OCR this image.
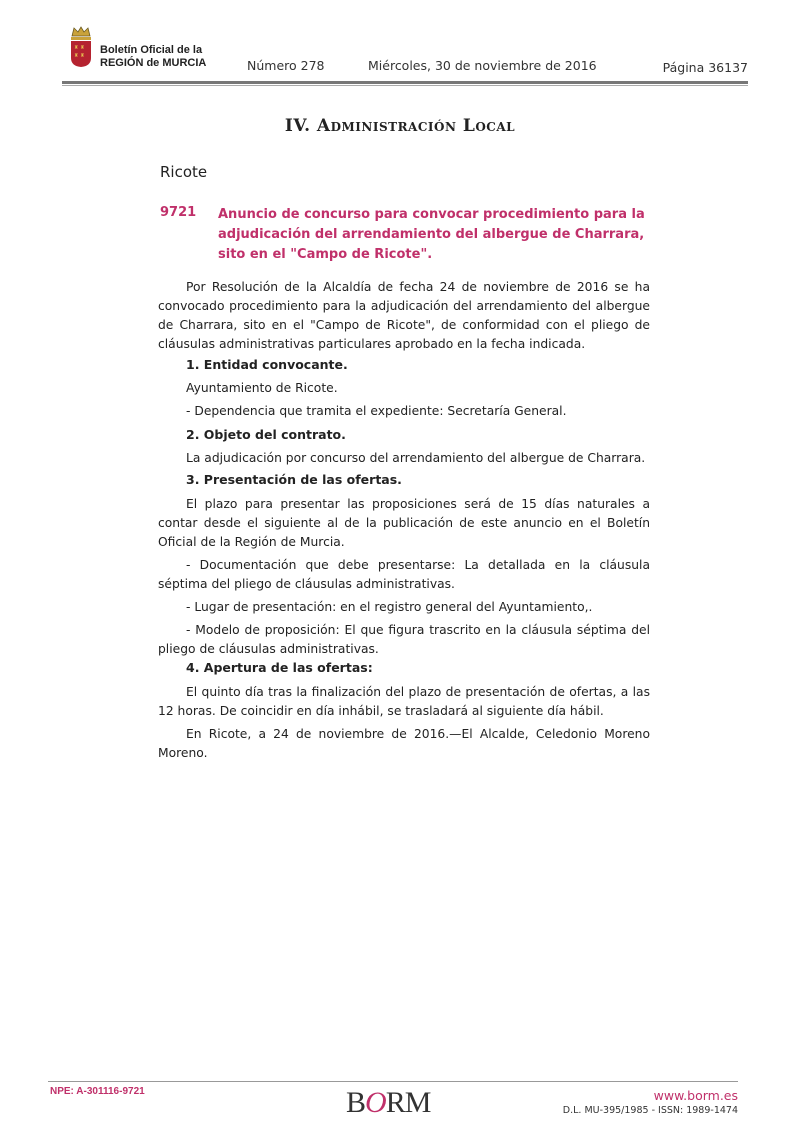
♜ ♜
♜ ♜ Boletín Oficial de la
REGIÓN de MURCIA	Número 278	Miércoles, 30 de noviembre de 2016	Página 36137
IV. Administración Local
Ricote
9721 Anuncio de concurso para convocar procedimiento para la adjudicación del arrendamiento del albergue de Charrara, sito en el "Campo de Ricote".
Por Resolución de la Alcaldía de fecha 24 de noviembre de 2016 se ha convocado procedimiento para la adjudicación del arrendamiento del albergue de Charrara, sito en el "Campo de Ricote", de conformidad con el pliego de cláusulas administrativas particulares aprobado en la fecha indicada.
1. Entidad convocante.
Ayuntamiento de Ricote.
- Dependencia que tramita el expediente: Secretaría General.
2. Objeto del contrato.
La adjudicación por concurso del arrendamiento del albergue de Charrara.
3. Presentación de las ofertas.
El plazo para presentar las proposiciones será de 15 días naturales a contar desde el siguiente al de la publicación de este anuncio en el Boletín Oficial de la Región de Murcia.
- Documentación que debe presentarse: La detallada en la cláusula séptima del pliego de cláusulas administrativas.
- Lugar de presentación: en el registro general del Ayuntamiento,.
- Modelo de proposición: El que figura trascrito en la cláusula séptima del pliego de cláusulas administrativas.
4. Apertura de las ofertas:
El quinto día tras la finalización del plazo de presentación de ofertas, a las 12 horas. De coincidir en día inhábil, se trasladará al siguiente día hábil.
En Ricote, a 24 de noviembre de 2016.—El Alcalde, Celedonio Moreno Moreno.
NPE: A-301116-9721	BORM	www.borm.es
D.L. MU-395/1985 - ISSN: 1989-1474
